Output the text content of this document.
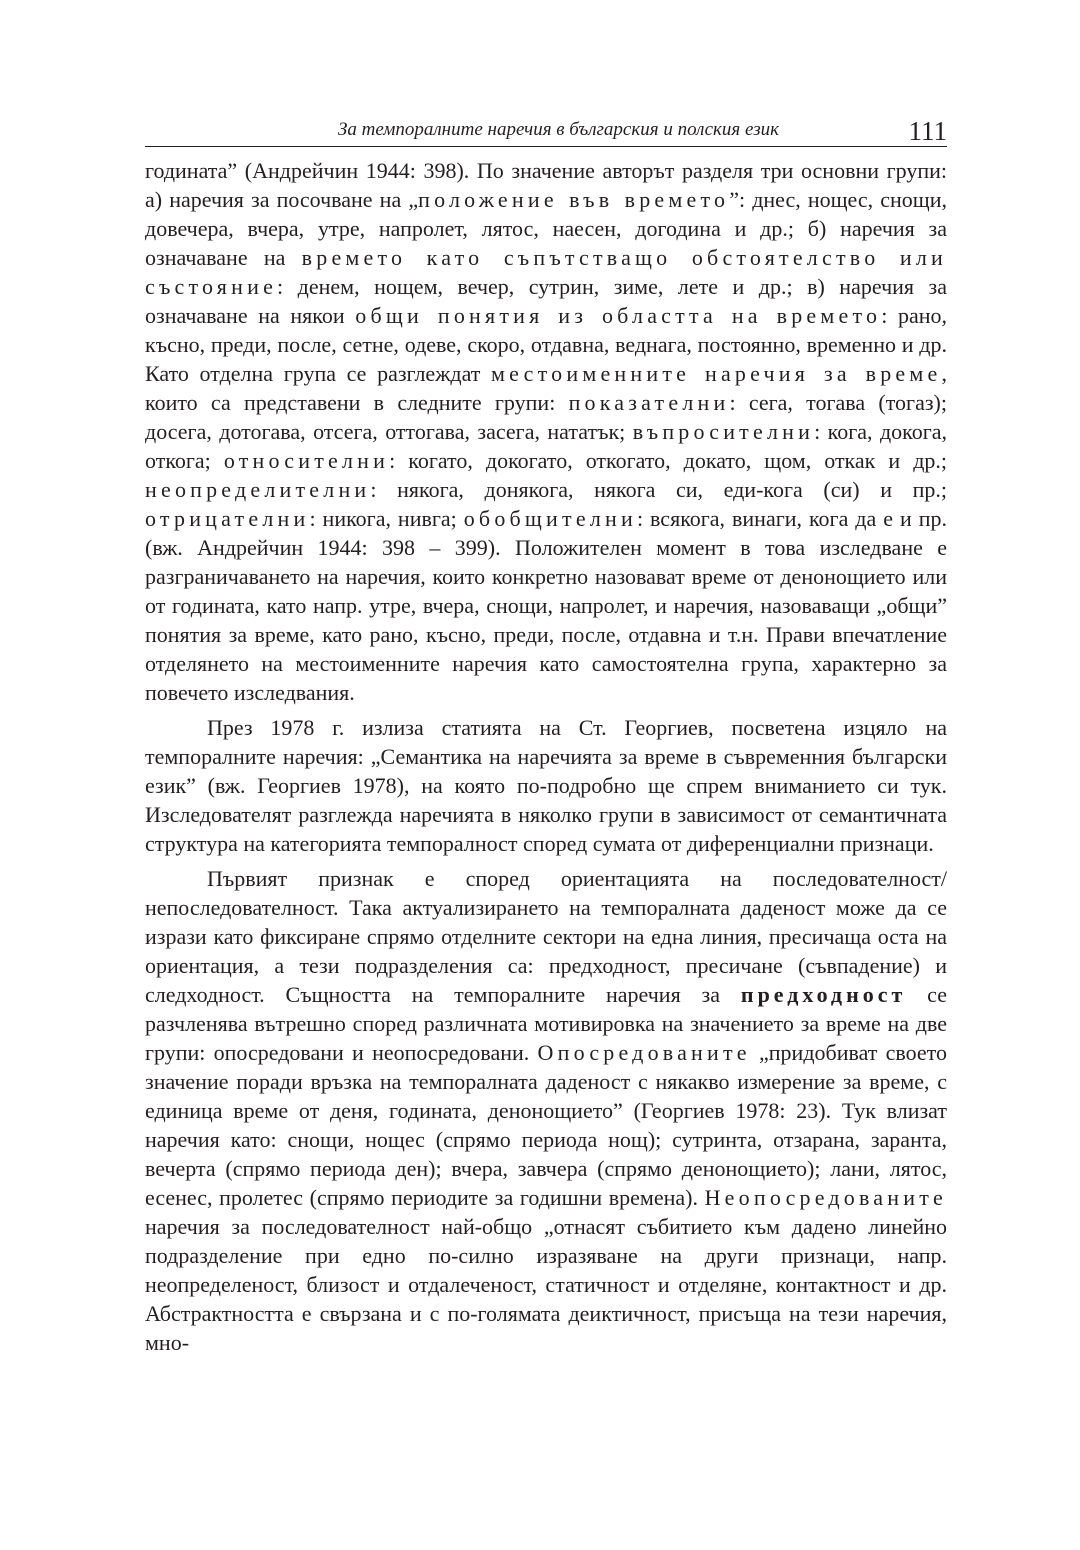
За темпоралните наречия в българския и полския език	111

годината” (Андрейчин 1944: 398). По значение авторът разделя три основни групи: а) наречия за посочване на „положение във времето”: днес, нощес, снощи, довечера, вчера, утре, напролет, лятос, наесен, догодина и др.; б) наречия за означаване на времето като съпътстващо обстоятелство или състояние: денем, нощем, вечер, сутрин, зиме, лете и др.; в) наречия за означаване на някои общи понятия из областта на времето: рано, късно, преди, после, сетне, одеве, скоро, отдавна, веднага, постоянно, временно и др. Като отделна група се разглеждат местоименните наречия за време, които са представени в следните групи: показателни: сега, тогава (тогаз); досега, дотогава, отсега, оттогава, засега, нататък; въпросителни: кога, докога, откога; относителни: когато, докогато, откогато, докато, щом, откак и др.; неопределителни: някога, донякога, някога си, еди-кога (си) и пр.; отрицателни: никога, нивга; обобщителни: всякога, винаги, кога да е и пр. (вж. Андрейчин 1944: 398 – 399). Положителен момент в това изследване е разграничаването на наречия, които конкретно назовават време от денонощието или от годината, като напр. утре, вчера, снощи, напролет, и наречия, назоваващи „общи” понятия за време, като рано, късно, преди, после, отдавна и т.н. Прави впечатление отделянето на местоименните наречия като самостоятелна група, характерно за повечето изследвания.

През 1978 г. излиза статията на Ст. Георгиев, посветена изцяло на темпоралните наречия: „Семантика на наречията за време в съвременния български език” (вж. Георгиев 1978), на която по-подробно ще спрем вниманието си тук. Изследователят разглежда наречията в няколко групи в зависимост от семантичната структура на категорията темпоралност според сумата от диференциални признаци.

Първият признак е според ориентацията на последователност/ непоследователност. Така актуализирането на темпоралната даденост може да се изрази като фиксиране спрямо отделните сектори на една линия, пресичаща оста на ориентация, а тези подразделения са: предходност, пресичане (съвпадение) и следходност. Същността на темпоралните наречия за предходност се разчленява вътрешно според различната мотивировка на значението за време на две групи: опосредовани и неопосредовани. Опосредованите „придобиват своето значение поради връзка на темпоралната даденост с някакво измерение за време, с единица време от деня, годината, денонощието” (Георгиев 1978: 23). Тук влизат наречия като: снощи, нощес (спрямо периода нощ); сутринта, отзарана, заранта, вечерта (спрямо периода ден); вчера, завчера (спрямо денонощието); лани, лятос, есенес, пролетес (спрямо периодите за годишни времена). Неопосредованите наречия за последователност най-общо „отнасят събитието към дадено линейно подразделение при едно по-силно изразяване на други признаци, напр. неопределеност, близост и отдалеченост, статичност и отделяне, контактност и др. Абстрактността е свързана и с по-голямата деиктичност, присъща на тези наречия, мно-
